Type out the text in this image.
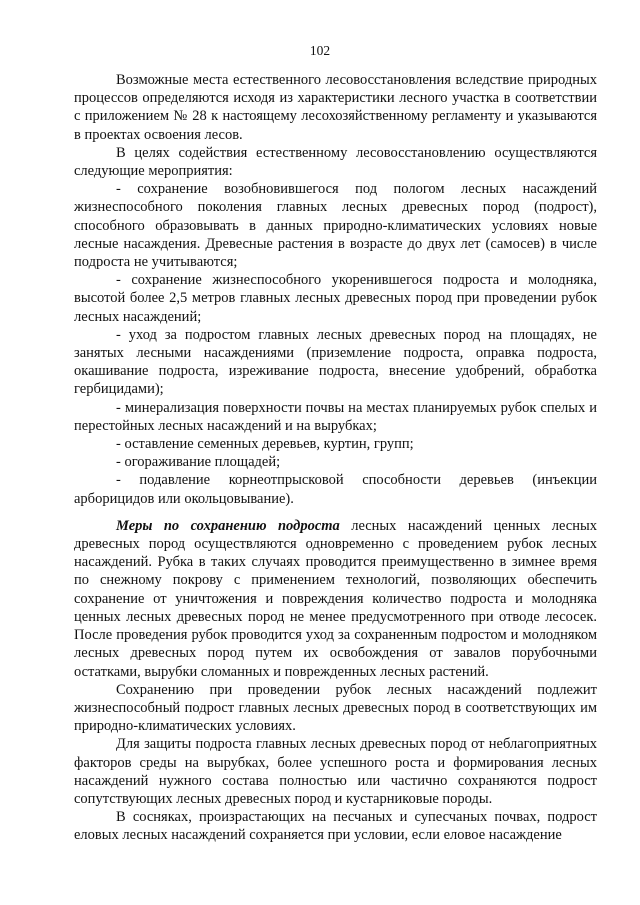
102

Возможные места естественного лесовосстановления вследствие природных процессов определяются исходя из характеристики лесного участка в соответствии с приложением № 28 к настоящему лесохозяйственному регламенту и указываются в проектах освоения лесов.

В целях содействия естественному лесовосстановлению осуществляются следующие мероприятия:

- сохранение возобновившегося под пологом лесных насаждений жизнеспособного поколения главных лесных древесных пород (подрост), способного образовывать в данных природно-климатических условиях новые лесные насаждения. Древесные растения в возрасте до двух лет (самосев) в числе подроста не учитываются;

- сохранение жизнеспособного укоренившегося подроста и молодняка, высотой более 2,5 метров главных лесных древесных пород при проведении рубок лесных насаждений;

- уход за подростом главных лесных древесных пород на площадях, не занятых лесными насаждениями (приземление подроста, оправка подроста, окашивание подроста, изреживание подроста, внесение удобрений, обработка гербицидами);

- минерализация поверхности почвы на местах планируемых рубок спелых и перестойных лесных насаждений и на вырубках;

- оставление семенных деревьев, куртин, групп;

- огораживание площадей;

- подавление корнеотпрысковой способности деревьев (инъекции арборицидов или окольцовывание).

Меры по сохранению подроста лесных насаждений ценных лесных древесных пород осуществляются одновременно с проведением рубок лесных насаждений. Рубка в таких случаях проводится преимущественно в зимнее время по снежному покрову с применением технологий, позволяющих обеспечить сохранение от уничтожения и повреждения количество подроста и молодняка ценных лесных древесных пород не менее предусмотренного при отводе лесосек. После проведения рубок проводится уход за сохраненным подростом и молодняком лесных древесных пород путем их освобождения от завалов порубочными остатками, вырубки сломанных и поврежденных лесных растений.

Сохранению при проведении рубок лесных насаждений подлежит жизнеспособный подрост главных лесных древесных пород в соответствующих им природно-климатических условиях.

Для защиты подроста главных лесных древесных пород от неблагоприятных факторов среды на вырубках, более успешного роста и формирования лесных насаждений нужного состава полностью или частично сохраняются подрост сопутствующих лесных древесных пород и кустарниковые породы.

В сосняках, произрастающих на песчаных и супесчаных почвах, подрост еловых лесных насаждений сохраняется при условии, если еловое насаждение
